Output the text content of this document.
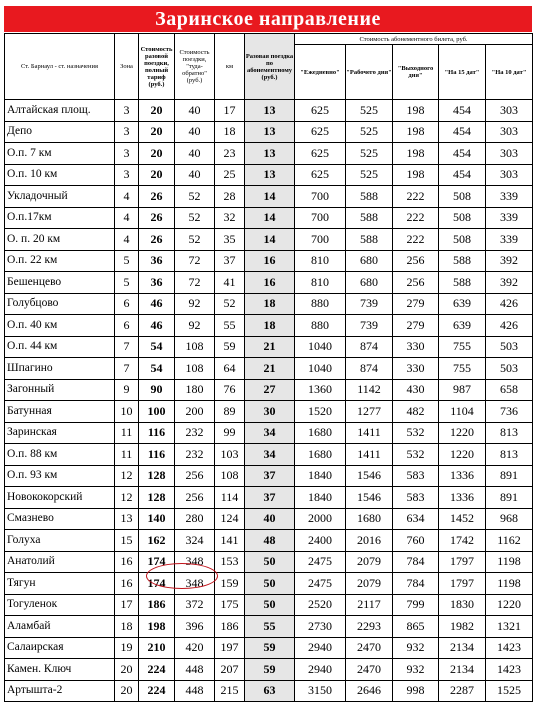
Заринское направление
Ст. Барнаул - ст. назначения	Зона	Стоимость разовой поездки, полный тариф (руб.)	Стоимость поездки, "туда-обратно" (руб.)	км	Разовая поездка по абонементному (руб.)	Стоимость абонементного билета, руб.				
						"Ежедневно"	"Рабочего дня"	"Выходного дня"	"На 15 дат"	"На 10 дат"
Алтайская площ.	3	20	40	17	13	625	525	198	454	303
Депо	3	20	40	18	13	625	525	198	454	303
О.п. 7 км	3	20	40	23	13	625	525	198	454	303
О.п. 10 км	3	20	40	25	13	625	525	198	454	303
Укладочный	4	26	52	28	14	700	588	222	508	339
О.п.17км	4	26	52	32	14	700	588	222	508	339
О. п. 20 км	4	26	52	35	14	700	588	222	508	339
О.п. 22 км	5	36	72	37	16	810	680	256	588	392
Бешенцево	5	36	72	41	16	810	680	256	588	392
Голубцово	6	46	92	52	18	880	739	279	639	426
О.п. 40 км	6	46	92	55	18	880	739	279	639	426
О.п. 44 км	7	54	108	59	21	1040	874	330	755	503
Шпагино	7	54	108	64	21	1040	874	330	755	503
Загонный	9	90	180	76	27	1360	1142	430	987	658
Батунная	10	100	200	89	30	1520	1277	482	1104	736
Заринская	11	116	232	99	34	1680	1411	532	1220	813
О.п. 88 км	11	116	232	103	34	1680	1411	532	1220	813
О.п. 93 км	12	128	256	108	37	1840	1546	583	1336	891
Новококорский	12	128	256	114	37	1840	1546	583	1336	891
Смазнево	13	140	280	124	40	2000	1680	634	1452	968
Голуха	15	162	324	141	48	2400	2016	760	1742	1162
Анатолий	16	174	348	153	50	2475	2079	784	1797	1198
Тягун	16	174	348	159	50	2475	2079	784	1797	1198
Тогуленок	17	186	372	175	50	2520	2117	799	1830	1220
Аламбай	18	198	396	186	55	2730	2293	865	1982	1321
Салаирская	19	210	420	197	59	2940	2470	932	2134	1423
Камен. Ключ	20	224	448	207	59	2940	2470	932	2134	1423
Артышта-2	20	224	448	215	63	3150	2646	998	2287	1525
